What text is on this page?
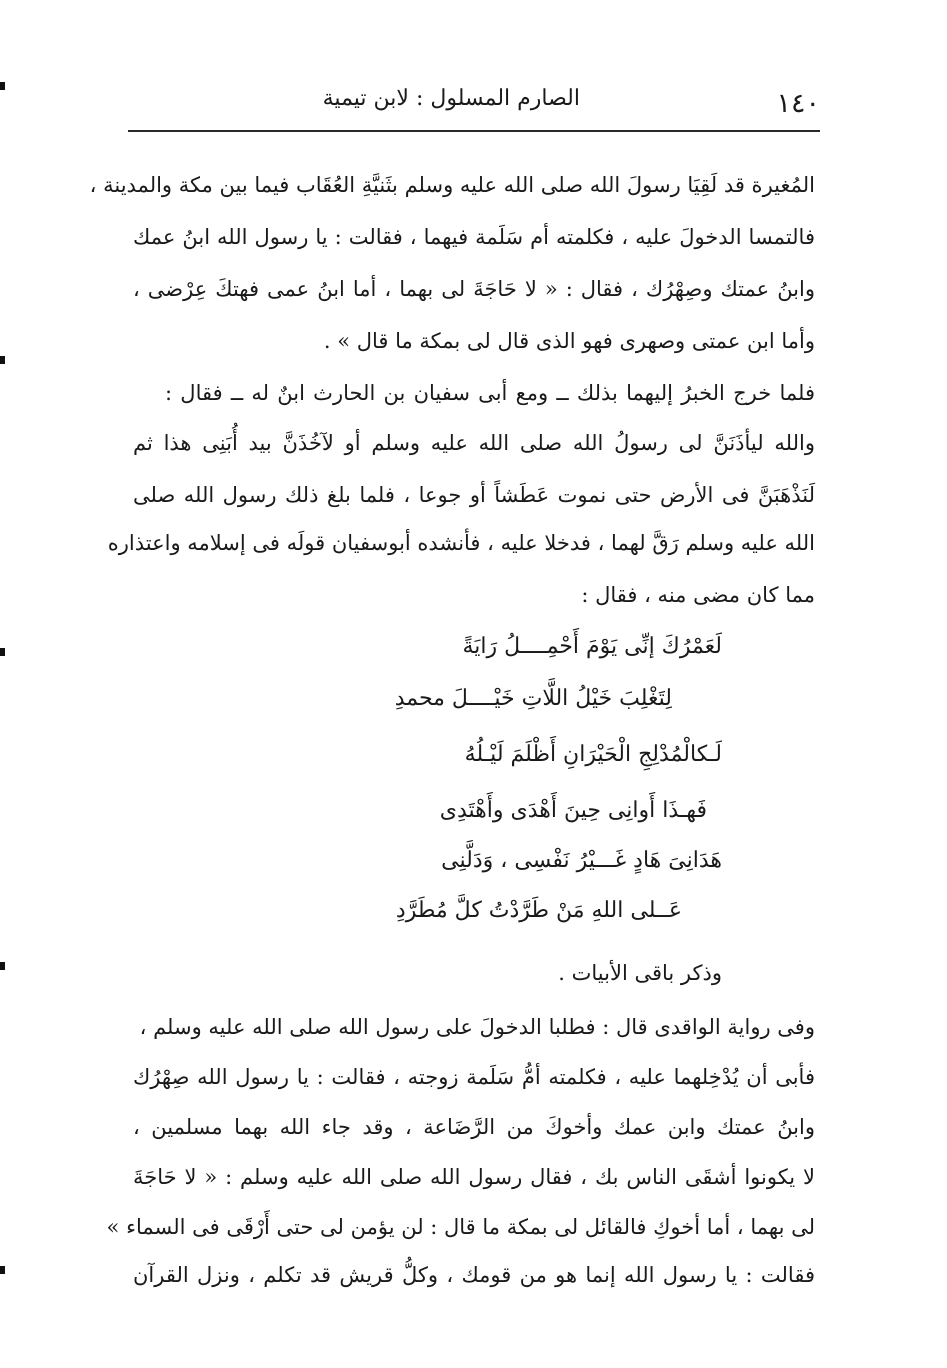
١٤٠
الصارم المسلول : لابن تيمية
المُغيرة قد لَقِيَا رسولَ الله صلى الله عليه وسلم بثَنيَّةِ العُقَاب فيما بين مكة والمدينة ،
فالتمسا الدخولَ عليه ، فكلمته أم سَلَمة فيهما ، فقالت : يا رسول الله ابنُ عمك
وابنُ عمتك وصِهْرُك ، فقال : « لا حَاجَةَ لى بهما ، أما ابنُ عمى فهتكَ عِرْضى ،
وأما ابن عمتى وصهرى فهو الذى قال لى بمكة ما قال » .
فلما خرج الخبرُ إليهما بذلك ــ ومع أبى سفيان بن الحارث ابنٌ له ــ فقال :
والله ليأذَنَنَّ لى رسولُ الله صلى الله عليه وسلم أو لآخُذَنَّ بيد أُبَنِى هذا ثم
لَنَذْهَبَنَّ فى الأرض حتى نموت عَطَشاً أو جوعا ، فلما بلغ ذلك رسول الله صلى
الله عليه وسلم رَقَّ لهما ، فدخلا عليه ، فأنشده أبوسفيان قولَه فى إسلامه واعتذاره
مما كان مضى منه ، فقال :
لَعَمْرُكَ إنِّى يَوْمَ أَحْمِــــلُ رَايَةً
لِتَغْلِبَ خَيْلُ اللَّاتِ خَيْــــلَ محمدِ
لَـكالْمُدْلِجِ الْحَيْرَانِ أَظْلَمَ لَيْـلُهُ
فَهـذَا أَوانِى حِينَ أَهْدَى وأَهْتَدِى
هَدَانِىَ هَادٍ غَـــيْرُ نَفْسِى ، وَدَلَّنِى
عَــلى اللهِ مَنْ طَرَّدْتُ كلَّ مُطَرَّدِ
وذكر باقى الأبيات .
وفى رواية الواقدى قال : فطلبا الدخولَ على رسول الله صلى الله عليه وسلم ،
فأبى أن يُدْخِلهما عليه ، فكلمته أمُّ سَلَمة زوجته ، فقالت : يا رسول الله صِهْرُك
وابنُ عمتك وابن عمك وأخوكَ من الرَّضَاعة ، وقد جاء الله بهما مسلمين ،
لا يكونوا أشقَى الناس بك ، فقال رسول الله صلى الله عليه وسلم : « لا حَاجَةَ
لى بهما ، أما أخوكِ فالقائل لى بمكة ما قال : لن يؤمن لى حتى أَرْقَى فى السماء »
فقالت : يا رسول الله إنما هو من قومك ، وكلُّ قريش قد تكلم ، ونزل القرآن
